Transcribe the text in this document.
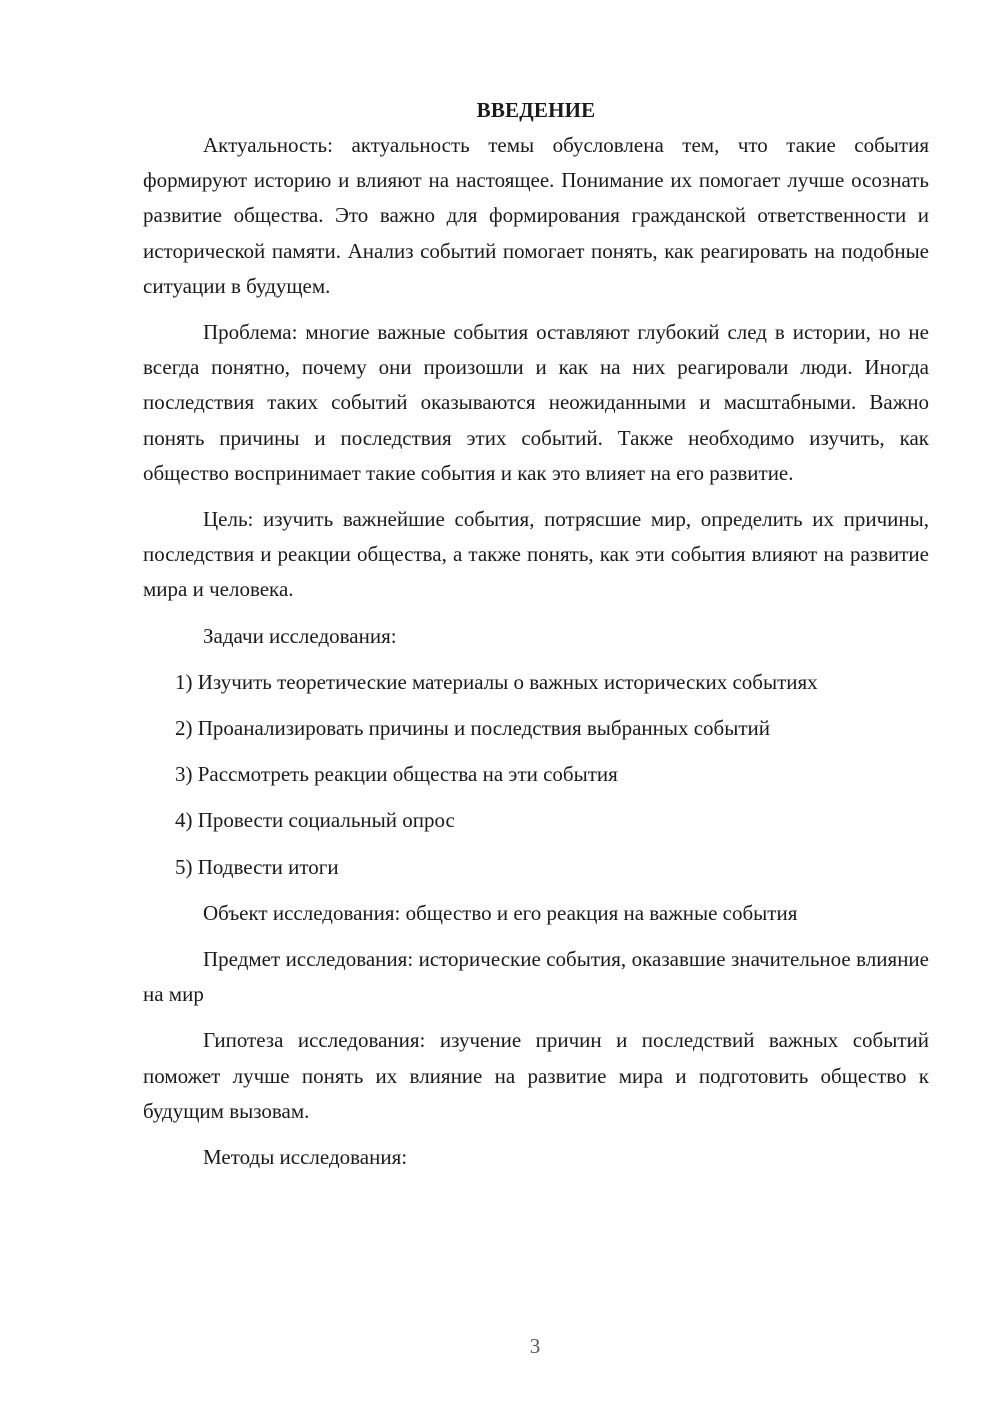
ВВЕДЕНИЕ

Актуальность: актуальность темы обусловлена тем, что такие события формируют историю и влияют на настоящее. Понимание их помогает лучше осознать развитие общества. Это важно для формирования гражданской ответственности и исторической памяти. Анализ событий помогает понять, как реагировать на подобные ситуации в будущем.

Проблема: многие важные события оставляют глубокий след в истории, но не всегда понятно, почему они произошли и как на них реагировали люди. Иногда последствия таких событий оказываются неожиданными и масштабными. Важно понять причины и последствия этих событий. Также необходимо изучить, как общество воспринимает такие события и как это влияет на его развитие.

Цель: изучить важнейшие события, потрясшие мир, определить их причины, последствия и реакции общества, а также понять, как эти события влияют на развитие мира и человека.

Задачи исследования:

1) Изучить теоретические материалы о важных исторических событиях

2) Проанализировать причины и последствия выбранных событий

3) Рассмотреть реакции общества на эти события

4) Провести социальный опрос

5) Подвести итоги

Объект исследования: общество и его реакция на важные события

Предмет исследования: исторические события, оказавшие значительное влияние на мир

Гипотеза исследования: изучение причин и последствий важных событий поможет лучше понять их влияние на развитие мира и подготовить общество к будущим вызовам.

Методы исследования:

3
